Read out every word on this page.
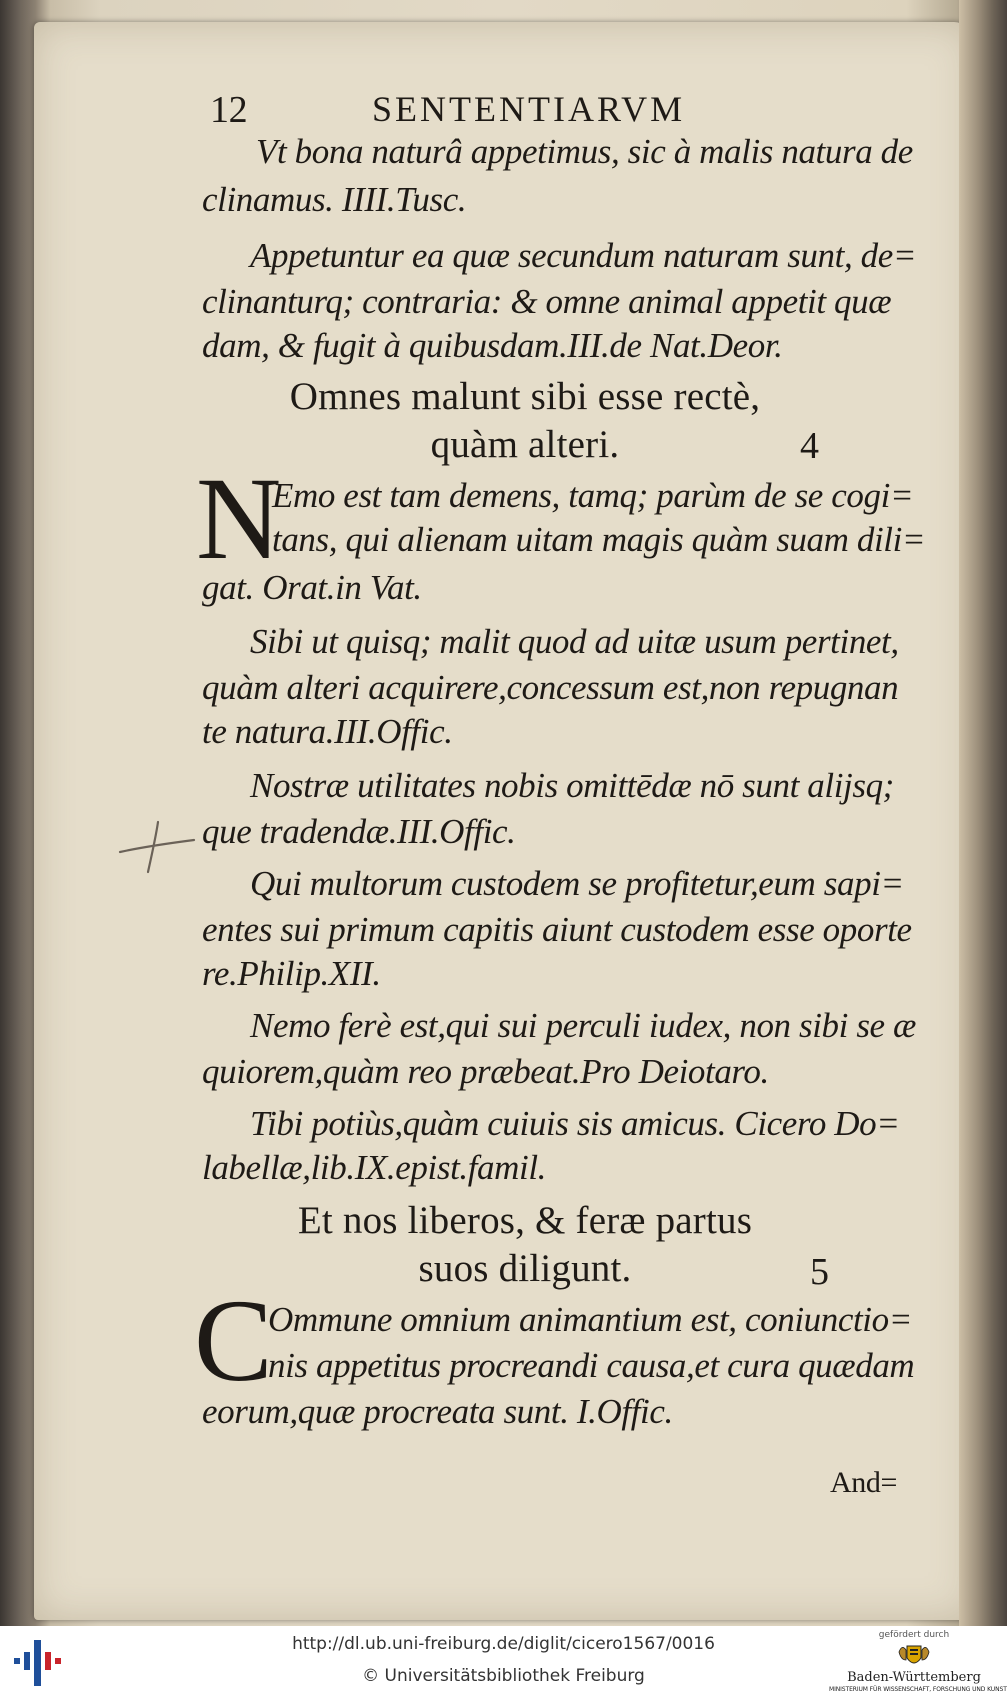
12	SENTENTIARVM
Vt bona naturâ appetimus, sic à malis natura de
clinamus. IIII.Tusc.
Appetuntur ea quæ secundum naturam sunt, de=
clinanturq; contraria: & omne animal appetit quæ
dam, & fugit à quibusdam.III.de Nat.Deor.
Omnes malunt sibi esse rectè,
quàm alteri.	4
N
Emo est tam demens, tamq; parùm de se cogi=
tans, qui alienam uitam magis quàm suam dili=
gat. Orat.in Vat.
Sibi ut quisq; malit quod ad uitæ usum pertinet,
quàm alteri acquirere,concessum est,non repugnan
te natura.III.Offic.
Nostræ utilitates nobis omittēdæ nō sunt alijsq;
que tradendæ.III.Offic.
Qui multorum custodem se profitetur,eum sapi=
entes sui primum capitis aiunt custodem esse oporte
re.Philip.XII.
Nemo ferè est,qui sui perculi iudex, non sibi se æ
quiorem,quàm reo præbeat.Pro Deiotaro.
Tibi potiùs,quàm cuiuis sis amicus. Cicero Do=
labellæ,lib.IX.epist.famil.
Et nos liberos, & feræ partus
suos diligunt.	5
C
Ommune omnium animantium est, coniunctio=
nis appetitus procreandi causa,et cura quædam
eorum,quæ procreata sunt. I.Offic.
And=
http://dl.ub.uni-freiburg.de/diglit/cicero1567/0016
© Universitätsbibliothek Freiburg
gefördert durch
Baden-Württemberg
MINISTERIUM FÜR WISSENSCHAFT, FORSCHUNG UND KUNST
